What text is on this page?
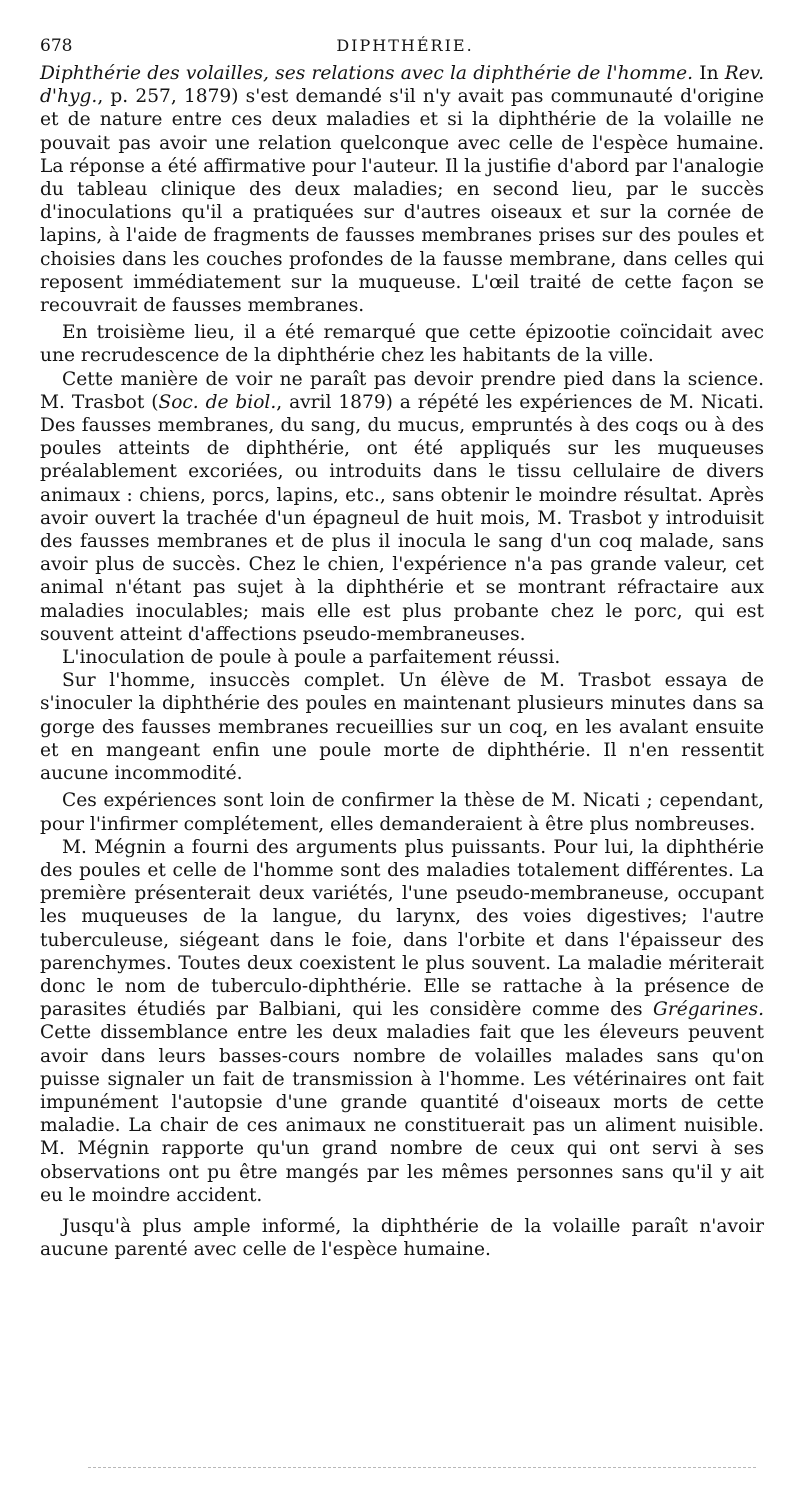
678	DIPHTHÉRIE.

Diphthérie des volailles, ses relations avec la diphthérie de l'homme. In Rev. d'hyg., p. 257, 1879) s'est demandé s'il n'y avait pas communauté d'origine et de nature entre ces deux maladies et si la diphthérie de la volaille ne pouvait pas avoir une relation quelconque avec celle de l'espèce humaine. La réponse a été affirmative pour l'auteur. Il la justifie d'abord par l'analogie du tableau clinique des deux maladies; en second lieu, par le succès d'inoculations qu'il a pratiquées sur d'autres oiseaux et sur la cornée de lapins, à l'aide de fragments de fausses membranes prises sur des poules et choisies dans les couches profondes de la fausse membrane, dans celles qui reposent immédiatement sur la muqueuse. L'œil traité de cette façon se recouvrait de fausses membranes.

En troisième lieu, il a été remarqué que cette épizootie coïncidait avec une recrudescence de la diphthérie chez les habitants de la ville.

Cette manière de voir ne paraît pas devoir prendre pied dans la science. M. Trasbot (Soc. de biol., avril 1879) a répété les expériences de M. Nicati. Des fausses membranes, du sang, du mucus, empruntés à des coqs ou à des poules atteints de diphthérie, ont été appliqués sur les muqueuses préalablement excoriées, ou introduits dans le tissu cellulaire de divers animaux : chiens, porcs, lapins, etc., sans obtenir le moindre résultat. Après avoir ouvert la trachée d'un épagneul de huit mois, M. Trasbot y introduisit des fausses membranes et de plus il inocula le sang d'un coq malade, sans avoir plus de succès. Chez le chien, l'expérience n'a pas grande valeur, cet animal n'étant pas sujet à la diphthérie et se montrant réfractaire aux maladies inoculables; mais elle est plus probante chez le porc, qui est souvent atteint d'affections pseudo-membraneuses.

L'inoculation de poule à poule a parfaitement réussi.

Sur l'homme, insuccès complet. Un élève de M. Trasbot essaya de s'inoculer la diphthérie des poules en maintenant plusieurs minutes dans sa gorge des fausses membranes recueillies sur un coq, en les avalant ensuite et en mangeant enfin une poule morte de diphthérie. Il n'en ressentit aucune incommodité.

Ces expériences sont loin de confirmer la thèse de M. Nicati ; cependant, pour l'infirmer complétement, elles demanderaient à être plus nombreuses.

M. Mégnin a fourni des arguments plus puissants. Pour lui, la diphthérie des poules et celle de l'homme sont des maladies totalement différentes. La première présenterait deux variétés, l'une pseudo-membraneuse, occupant les muqueuses de la langue, du larynx, des voies digestives; l'autre tuberculeuse, siégeant dans le foie, dans l'orbite et dans l'épaisseur des parenchymes. Toutes deux coexistent le plus souvent. La maladie mériterait donc le nom de tuberculo-diphthérie. Elle se rattache à la présence de parasites étudiés par Balbiani, qui les considère comme des Grégarines. Cette dissemblance entre les deux maladies fait que les éleveurs peuvent avoir dans leurs basses-cours nombre de volailles malades sans qu'on puisse signaler un fait de transmission à l'homme. Les vétérinaires ont fait impunément l'autopsie d'une grande quantité d'oiseaux morts de cette maladie. La chair de ces animaux ne constituerait pas un aliment nuisible. M. Mégnin rapporte qu'un grand nombre de ceux qui ont servi à ses observations ont pu être mangés par les mêmes personnes sans qu'il y ait eu le moindre accident.

Jusqu'à plus ample informé, la diphthérie de la volaille paraît n'avoir aucune parenté avec celle de l'espèce humaine.
